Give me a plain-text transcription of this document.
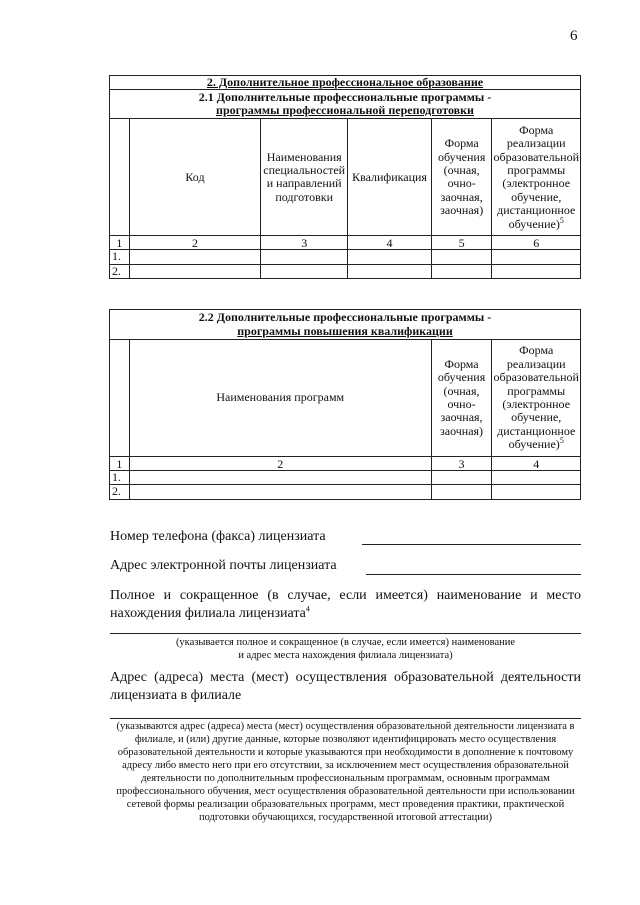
6
2. Дополнительное профессиональное образование					

2.1 Дополнительные профессиональные программы -
программы профессиональной переподготовки					

	Код	Наименования специальностей и направлений подготовки	Квалификация	Форма обучения (очная, очно-заочная, заочная)	Форма реализации образовательной программы (электронное обучение, дистанционное обучение)$^5$
1	2	3	4	5	6
1.					
2.					
2.2 Дополнительные профессиональные программы -
программы повышения квалификации			

	Наименования программ	Форма обучения (очная, очно-заочная, заочная)	Форма реализации образовательной программы (электронное обучение, дистанционное обучение)$^5$
1	2	3	4
1.			
2.			
Номер телефона (факса) лицензиата
Адрес электронной почты лицензиата
Полное и сокращенное (в случае, если имеется) наименование и место нахождения филиала лицензиата$^4$
(указывается полное и сокращенное (в случае, если имеется) наименование
и адрес места нахождения филиала лицензиата)
Адрес (адреса) места (мест) осуществления образовательной деятельности лицензиата в филиале
(указываются адрес (адреса) места (мест) осуществления образовательной деятельности лицензиата в филиале, и (или) другие данные, которые позволяют идентифицировать место осуществления образовательной деятельности и которые указываются при необходимости в дополнение к почтовому адресу либо вместо него при его отсутствии, за исключением мест осуществления образовательной деятельности по дополнительным профессиональным программам, основным программам профессионального обучения, мест осуществления образовательной деятельности при использовании сетевой формы реализации образовательных программ, мест проведения практики, практической подготовки обучающихся, государственной итоговой аттестации)
